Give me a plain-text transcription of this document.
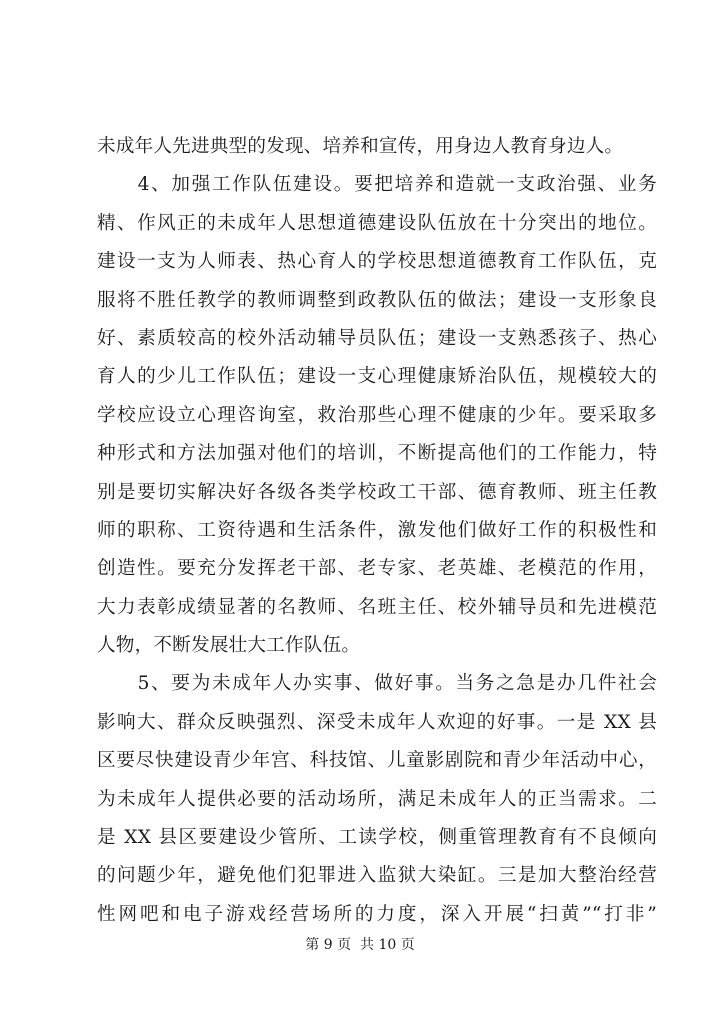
未成年人先进典型的发现、培养和宣传，用身边人教育身边人。
　　4、加强工作队伍建设。要把培养和造就一支政治强、业务
精、作风正的未成年人思想道德建设队伍放在十分突出的地位。
建设一支为人师表、热心育人的学校思想道德教育工作队伍，克
服将不胜任教学的教师调整到政教队伍的做法；建设一支形象良
好、素质较高的校外活动辅导员队伍；建设一支熟悉孩子、热心
育人的少儿工作队伍；建设一支心理健康矫治队伍，规模较大的
学校应设立心理咨询室，救治那些心理不健康的少年。要采取多
种形式和方法加强对他们的培训，不断提高他们的工作能力，特
别是要切实解决好各级各类学校政工干部、德育教师、班主任教
师的职称、工资待遇和生活条件，激发他们做好工作的积极性和
创造性。要充分发挥老干部、老专家、老英雄、老模范的作用，
大力表彰成绩显著的名教师、名班主任、校外辅导员和先进模范
人物，不断发展壮大工作队伍。
　　5、要为未成年人办实事、做好事。当务之急是办几件社会
影响大、群众反映强烈、深受未成年人欢迎的好事。一是 XX 县
区要尽快建设青少年宫、科技馆、儿童影剧院和青少年活动中心，
为未成年人提供必要的活动场所，满足未成年人的正当需求。二
是 XX 县区要建设少管所、工读学校，侧重管理教育有不良倾向
的问题少年，避免他们犯罪进入监狱大染缸。三是加大整治经营
性网吧和电子游戏经营场所的力度，深入开展“扫黄”“打非”
第 9 页  共 10 页
